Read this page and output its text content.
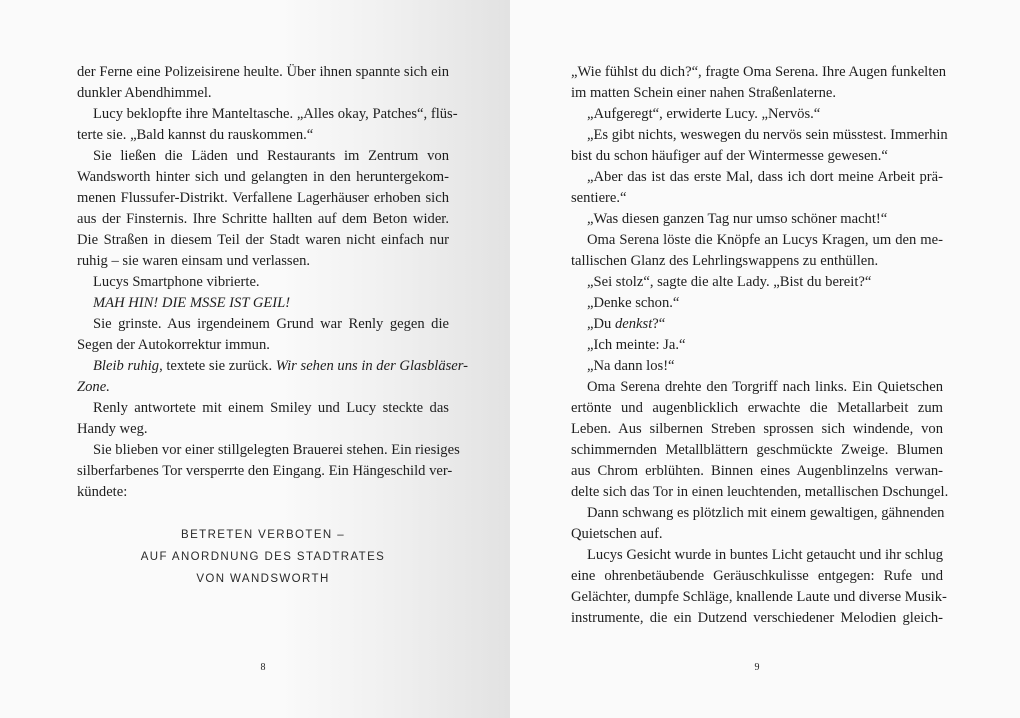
der Ferne eine Polizeisirene heulte. Über ihnen spannte sich ein
dunkler Abendhimmel.
Lucy beklopfte ihre Manteltasche. „Alles okay, Patches“, flüs-
terte sie. „Bald kannst du rauskommen.“
Sie ließen die Läden und Restaurants im Zentrum von
Wandsworth hinter sich und gelangten in den heruntergekom-
menen Flussufer-Distrikt. Verfallene Lagerhäuser erhoben sich
aus der Finsternis. Ihre Schritte hallten auf dem Beton wider.
Die Straßen in diesem Teil der Stadt waren nicht einfach nur
ruhig – sie waren einsam und verlassen.
Lucys Smartphone vibrierte.
MAH HIN! DIE MSSE IST GEIL!
Sie grinste. Aus irgendeinem Grund war Renly gegen die
Segen der Autokorrektur immun.
Bleib ruhig, textete sie zurück. Wir sehen uns in der Glasbläser-
Zone.
Renly antwortete mit einem Smiley und Lucy steckte das
Handy weg.
Sie blieben vor einer stillgelegten Brauerei stehen. Ein riesiges
silberfarbenes Tor versperrte den Eingang. Ein Hängeschild ver-
kündete:
BETRETEN VERBOTEN –
AUF ANORDNUNG DES STADTRATES
VON WANDSWORTH
8
„Wie fühlst du dich?“, fragte Oma Serena. Ihre Augen funkelten
im matten Schein einer nahen Straßenlaterne.
„Aufgeregt“, erwiderte Lucy. „Nervös.“
„Es gibt nichts, weswegen du nervös sein müsstest. Immerhin
bist du schon häufiger auf der Wintermesse gewesen.“
„Aber das ist das erste Mal, dass ich dort meine Arbeit prä-
sentiere.“
„Was diesen ganzen Tag nur umso schöner macht!“
Oma Serena löste die Knöpfe an Lucys Kragen, um den me-
tallischen Glanz des Lehrlingswappens zu enthüllen.
„Sei stolz“, sagte die alte Lady. „Bist du bereit?“
„Denke schon.“
„Du denkst?“
„Ich meinte: Ja.“
„Na dann los!“
Oma Serena drehte den Torgriff nach links. Ein Quietschen
ertönte und augenblicklich erwachte die Metallarbeit zum
Leben. Aus silbernen Streben sprossen sich windende, von
schimmernden Metallblättern geschmückte Zweige. Blumen
aus Chrom erblühten. Binnen eines Augenblinzelns verwan-
delte sich das Tor in einen leuchtenden, metallischen Dschungel.
Dann schwang es plötzlich mit einem gewaltigen, gähnenden
Quietschen auf.
Lucys Gesicht wurde in buntes Licht getaucht und ihr schlug
eine ohrenbetäubende Geräuschkulisse entgegen: Rufe und
Gelächter, dumpfe Schläge, knallende Laute und diverse Musik-
instrumente, die ein Dutzend verschiedener Melodien gleich-
9
